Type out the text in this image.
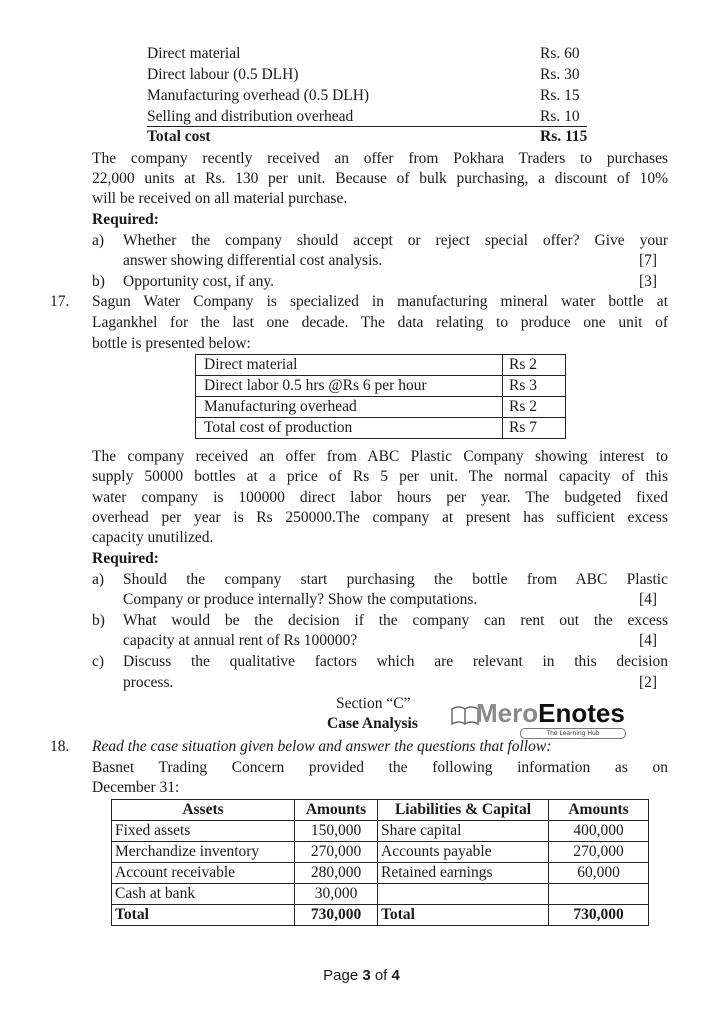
Direct material	Rs. 60
Direct labour (0.5 DLH)	Rs. 30
Manufacturing overhead (0.5 DLH)	Rs. 15
Selling and distribution overhead	Rs. 10
Total cost	Rs. 115
The company recently received an offer from Pokhara Traders to purchases
22,000 units at Rs. 130 per unit. Because of bulk purchasing, a discount of 10%
will be received on all material purchase.
Required:
a) Whether the company should accept or reject special offer? Give your
answer showing differential cost analysis.	[7]
b) Opportunity cost, if any.	[3]
17. Sagun Water Company is specialized in manufacturing mineral water bottle at
Lagankhel for the last one decade. The data relating to produce one unit of
bottle is presented below:
Direct material	Rs 2
Direct labor 0.5 hrs @Rs 6 per hour	Rs 3
Manufacturing overhead	Rs 2
Total cost of production	Rs 7
The company received an offer from ABC Plastic Company showing interest to
supply 50000 bottles at a price of Rs 5 per unit. The normal capacity of this
water company is 100000 direct labor hours per year. The budgeted fixed
overhead per year is Rs 250000.The company at present has sufficient excess
capacity unutilized.
Required:
a) Should the company start purchasing the bottle from ABC Plastic
Company or produce internally? Show the computations.	[4]
b) What would be the decision if the company can rent out the excess
capacity at annual rent of Rs 100000?	[4]
c) Discuss the qualitative factors which are relevant in this decision
process.	[2]
Section “C”
Case Analysis MeroEnotes
The Learning Hub
18. Read the case situation given below and answer the questions that follow:
Basnet Trading Concern provided the following information as on
December 31:
Assets	Amounts	Liabilities & Capital	Amounts
Fixed assets	150,000	Share capital	400,000
Merchandize inventory	270,000	Accounts payable	270,000
Account receivable	280,000	Retained earnings	60,000
Cash at bank	30,000		
Total	730,000	Total	730,000
Page 3 of 4
